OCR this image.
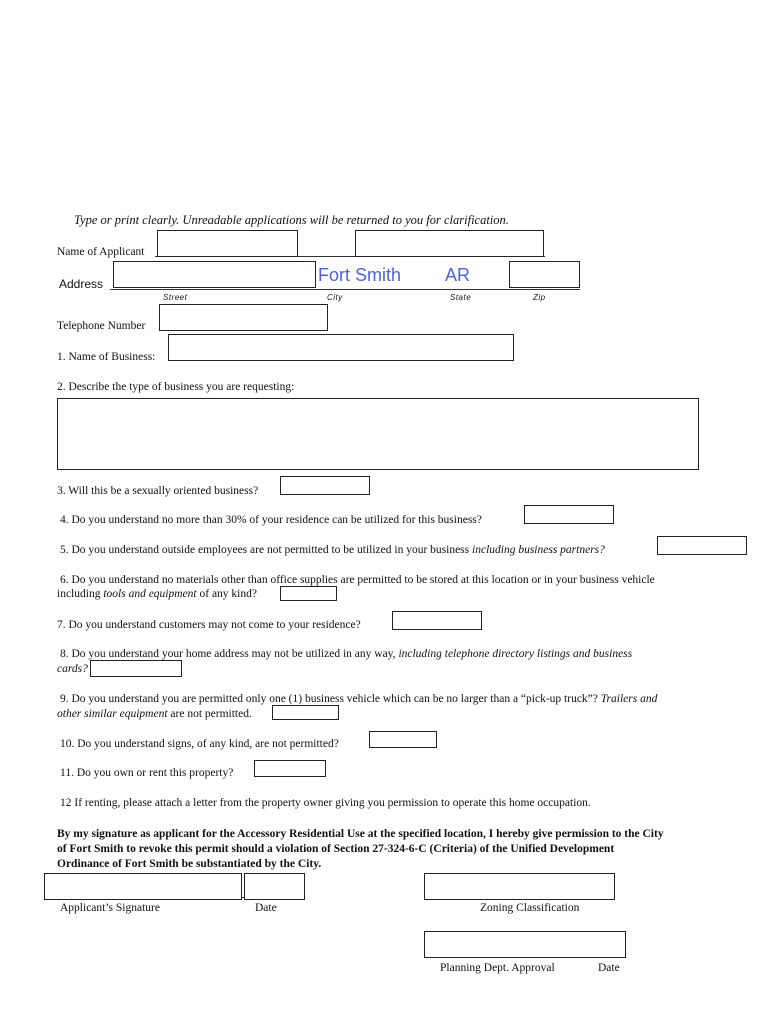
Type or print clearly. Unreadable applications will be returned to you for clarification.
Name of Applicant
Address	Fort Smith AR
Street	City	State	Zip
Telephone Number
1. Name of Business:
2. Describe the type of business you are requesting:
3. Will this be a sexually oriented business?
4. Do you understand no more than 30% of your residence can be utilized for this business?
5. Do you understand outside employees are not permitted to be utilized in your business including business partners?
6. Do you understand no materials other than office supplies are permitted to be stored at this location or in your business vehicle
including tools and equipment of any kind?
7. Do you understand customers may not come to your residence?
8. Do you understand your home address may not be utilized in any way, including telephone directory listings and business
cards?
9. Do you understand you are permitted only one (1) business vehicle which can be no larger than a “pick-up truck”? Trailers and
other similar equipment are not permitted.
10. Do you understand signs, of any kind, are not permitted?
11. Do you own or rent this property?
12 If renting, please attach a letter from the property owner giving you permission to operate this home occupation.
By my signature as applicant for the Accessory Residential Use at the specified location, I hereby give permission to the City
of Fort Smith to revoke this permit should a violation of Section 27-324-6-C (Criteria) of the Unified Development
Ordinance of Fort Smith be substantiated by the City.
Applicant’s Signature	Date	Zoning Classification
Planning Dept. Approval	Date
